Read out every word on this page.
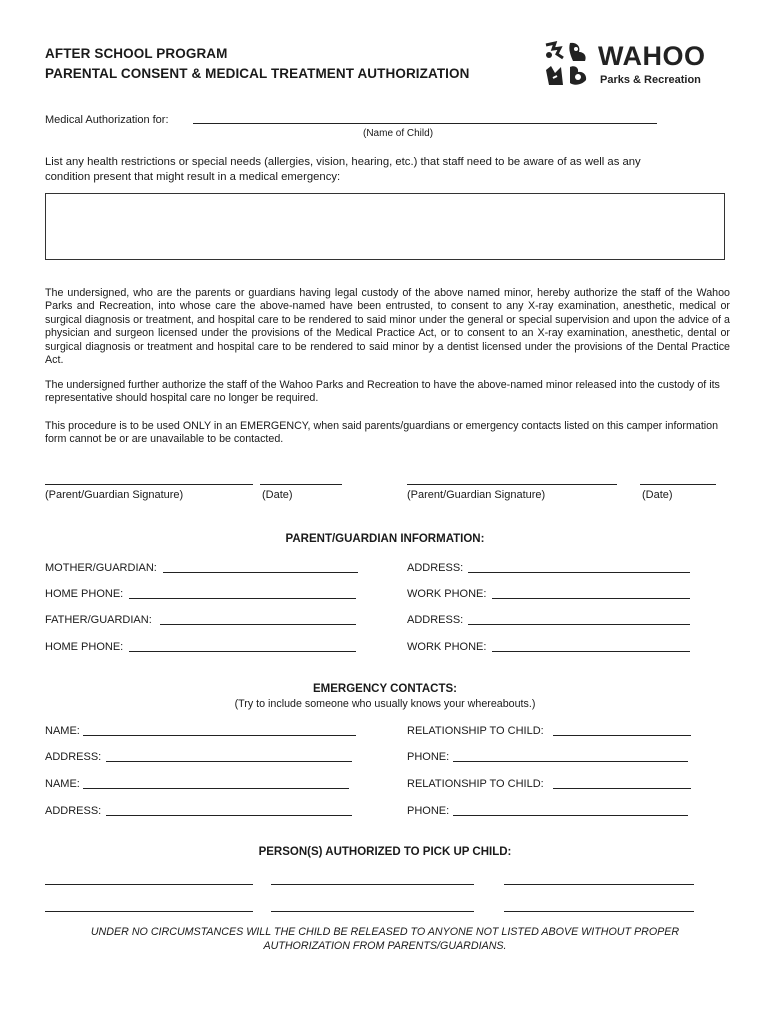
AFTER SCHOOL PROGRAM
PARENTAL CONSENT & MEDICAL TREATMENT AUTHORIZATION
WAHOO
Parks & Recreation
Medical Authorization for:
(Name of Child)
List any health restrictions or special needs (allergies, vision, hearing, etc.) that staff need to be aware of as well as any
condition present that might result in a medical emergency:
The undersigned, who are the parents or guardians having legal custody of the above named minor, hereby authorize the staff of the Wahoo Parks and Recreation, into whose care the above-named have been entrusted, to consent to any X-ray examination, anesthetic, medical or surgical diagnosis or treatment, and hospital care to be rendered to said minor under the general or special supervision and upon the advice of a physician and surgeon licensed under the provisions of the Medical Practice Act, or to consent to an X-ray examination, anesthetic, dental or surgical diagnosis or treatment and hospital care to be rendered to said minor by a dentist licensed under the provisions of the Dental Practice Act.
The undersigned further authorize the staff of the Wahoo Parks and Recreation to have the above-named minor released into the custody of its representative should hospital care no longer be required.
This procedure is to be used ONLY in an EMERGENCY, when said parents/guardians or emergency contacts listed on this camper information form cannot be or are unavailable to be contacted.
(Parent/Guardian Signature)	(Date)	(Parent/Guardian Signature)	(Date)
PARENT/GUARDIAN INFORMATION:
MOTHER/GUARDIAN:	ADDRESS:
HOME PHONE:	WORK PHONE:
FATHER/GUARDIAN:	ADDRESS:
HOME PHONE:	WORK PHONE:
EMERGENCY CONTACTS:
(Try to include someone who usually knows your whereabouts.)
NAME:	RELATIONSHIP TO CHILD:
ADDRESS:	PHONE:
NAME:	RELATIONSHIP TO CHILD:
ADDRESS:	PHONE:
PERSON(S) AUTHORIZED TO PICK UP CHILD:
UNDER NO CIRCUMSTANCES WILL THE CHILD BE RELEASED TO ANYONE NOT LISTED ABOVE WITHOUT PROPER
AUTHORIZATION FROM PARENTS/GUARDIANS.
